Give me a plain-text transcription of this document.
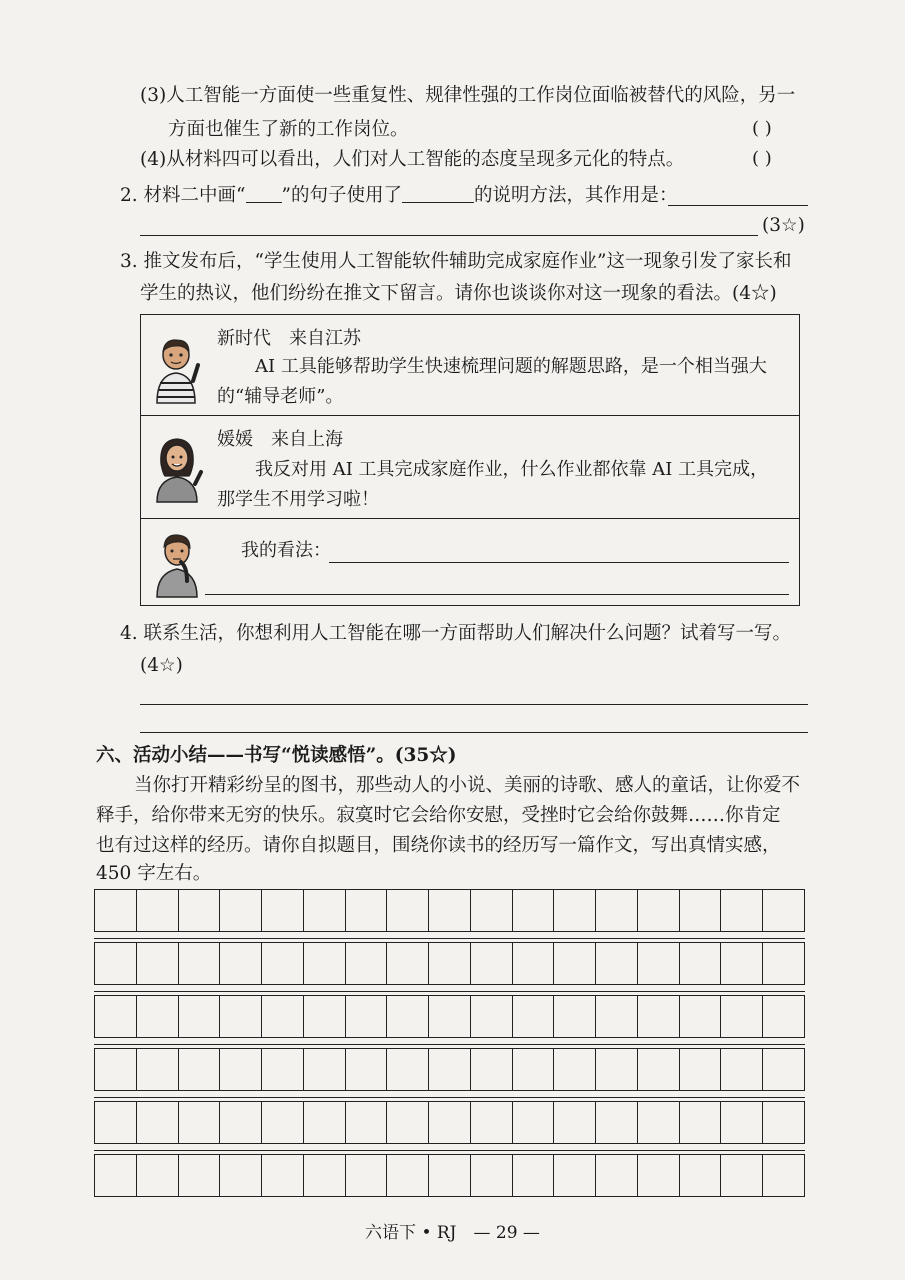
(3)人工智能一方面使一些重复性、规律性强的工作岗位面临被替代的风险，另一
方面也催生了新的工作岗位。	( )
(4)从材料四可以看出，人们对人工智能的态度呈现多元化的特点。	( )
2. 材料二中画“ ”的句子使用了	的说明方法，其作用是：
(3☆)
3. 推文发布后，“学生使用人工智能软件辅助完成家庭作业”这一现象引发了家长和
学生的热议，他们纷纷在推文下留言。请你也谈谈你对这一现象的看法。(4☆)
新时代　来自江苏
AI 工具能够帮助学生快速梳理问题的解题思路，是一个相当强大
的“辅导老师”。
媛媛　来自上海
我反对用 AI 工具完成家庭作业，什么作业都依靠 AI 工具完成，
那学生不用学习啦！
我的看法：
4. 联系生活，你想利用人工智能在哪一方面帮助人们解决什么问题？试着写一写。
(4☆)
六、活动小结——书写“悦读感悟”。(35☆)
当你打开精彩纷呈的图书，那些动人的小说、美丽的诗歌、感人的童话，让你爱不
释手，给你带来无穷的快乐。寂寞时它会给你安慰，受挫时它会给你鼓舞……你肯定
也有过这样的经历。请你自拟题目，围绕你读书的经历写一篇作文，写出真情实感，
450 字左右。
六语下 • RJ　— 29 —
